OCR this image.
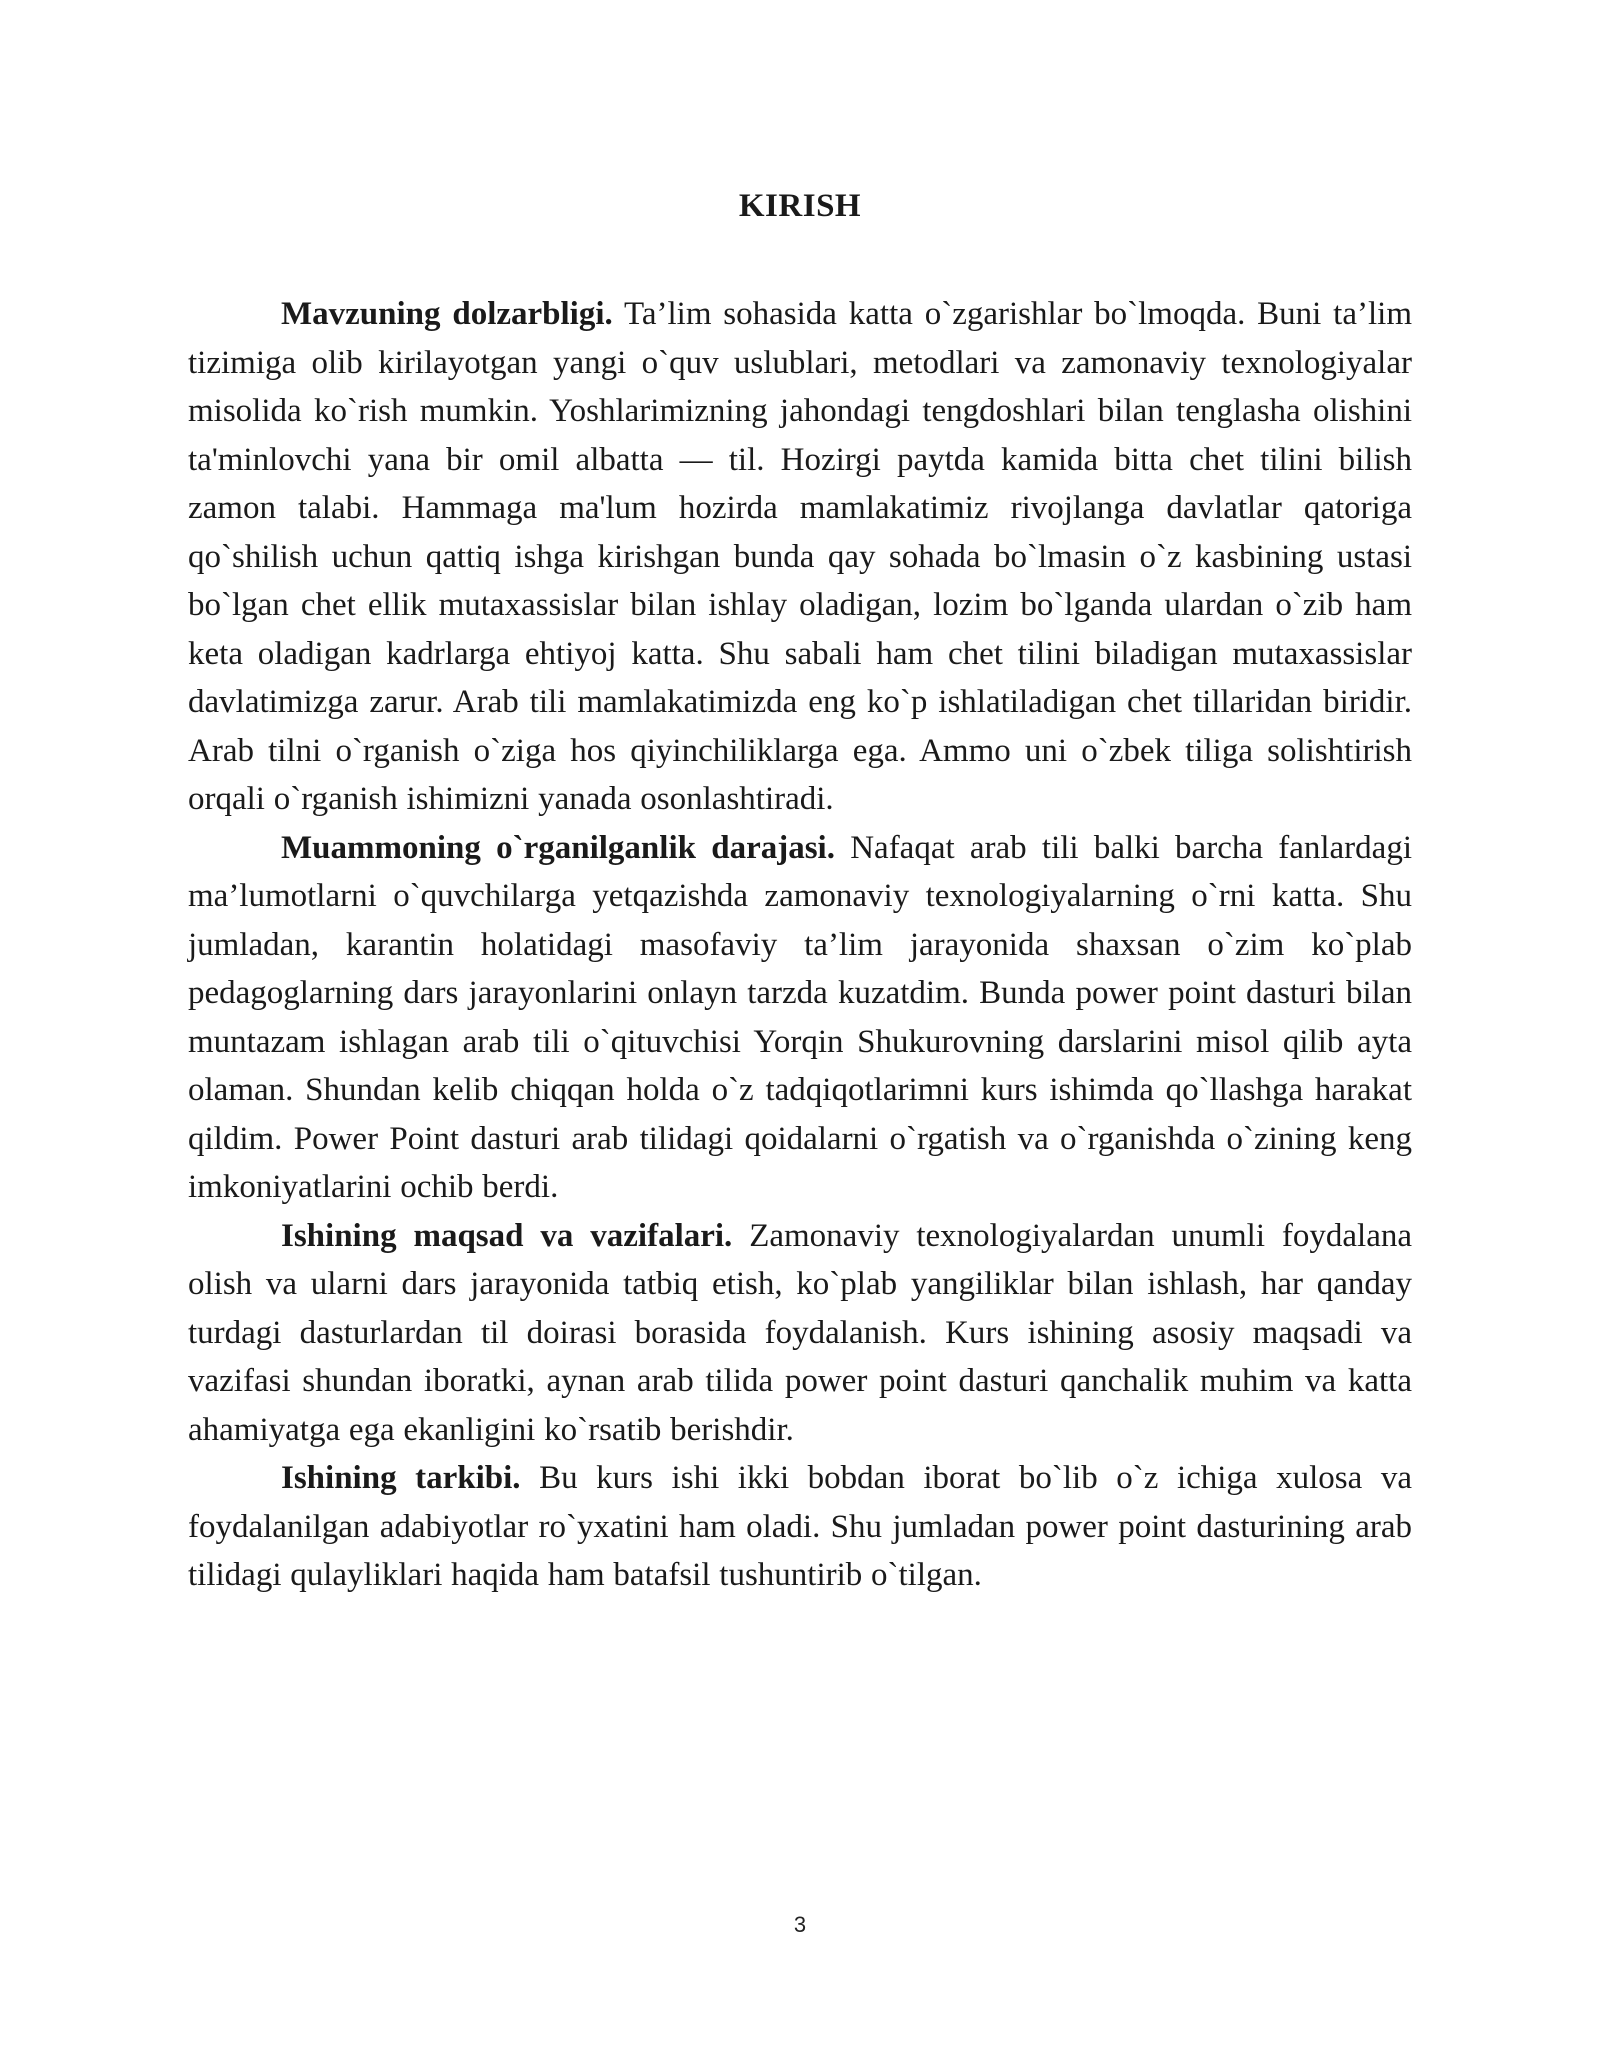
KIRISH

Mavzuning dolzarbligi. Ta’lim sohasida katta o`zgarishlar bo`lmoqda. Buni ta’lim tizimiga olib kirilayotgan yangi o`quv uslublari, metodlari va zamonaviy texnologiyalar misolida ko`rish mumkin. Yoshlarimizning jahondagi tengdoshlari bilan tenglasha olishini ta'minlovchi yana bir omil albatta — til. Hozirgi paytda kamida bitta chet tilini bilish zamon talabi. Hammaga ma'lum hozirda mamlakatimiz rivojlanga davlatlar qatoriga qo`shilish uchun qattiq ishga kirishgan bunda qay sohada bo`lmasin o`z kasbining ustasi bo`lgan chet ellik mutaxassislar bilan ishlay oladigan, lozim bo`lganda ulardan o`zib ham keta oladigan kadrlarga ehtiyoj katta. Shu sabali ham chet tilini biladigan mutaxassislar davlatimizga zarur. Arab tili mamlakatimizda eng ko`p ishlatiladigan chet tillaridan biridir. Arab tilni o`rganish o`ziga hos qiyinchiliklarga ega. Ammo uni o`zbek tiliga solishtirish orqali o`rganish ishimizni yanada osonlashtiradi.

Muammoning o`rganilganlik darajasi. Nafaqat arab tili balki barcha fanlardagi ma’lumotlarni o`quvchilarga yetqazishda zamonaviy texnologiyalarning o`rni katta. Shu jumladan, karantin holatidagi masofaviy ta’lim jarayonida shaxsan o`zim ko`plab pedagoglarning dars jarayonlarini onlayn tarzda kuzatdim. Bunda power point dasturi bilan muntazam ishlagan arab tili o`qituvchisi Yorqin Shukurovning darslarini misol qilib ayta olaman. Shundan kelib chiqqan holda o`z tadqiqotlarimni kurs ishimda qo`llashga harakat qildim. Power Point dasturi arab tilidagi qoidalarni o`rgatish va o`rganishda o`zining keng imkoniyatlarini ochib berdi.

Ishining maqsad va vazifalari. Zamonaviy texnologiyalardan unumli foydalana olish va ularni dars jarayonida tatbiq etish, ko`plab yangiliklar bilan ishlash, har qanday turdagi dasturlardan til doirasi borasida foydalanish. Kurs ishining asosiy maqsadi va vazifasi shundan iboratki, aynan arab tilida power point dasturi qanchalik muhim va katta ahamiyatga ega ekanligini ko`rsatib berishdir.

Ishining tarkibi. Bu kurs ishi ikki bobdan iborat bo`lib o`z ichiga xulosa va foydalanilgan adabiyotlar ro`yxatini ham oladi. Shu jumladan power point dasturining arab tilidagi qulayliklari haqida ham batafsil tushuntirib o`tilgan.

3
